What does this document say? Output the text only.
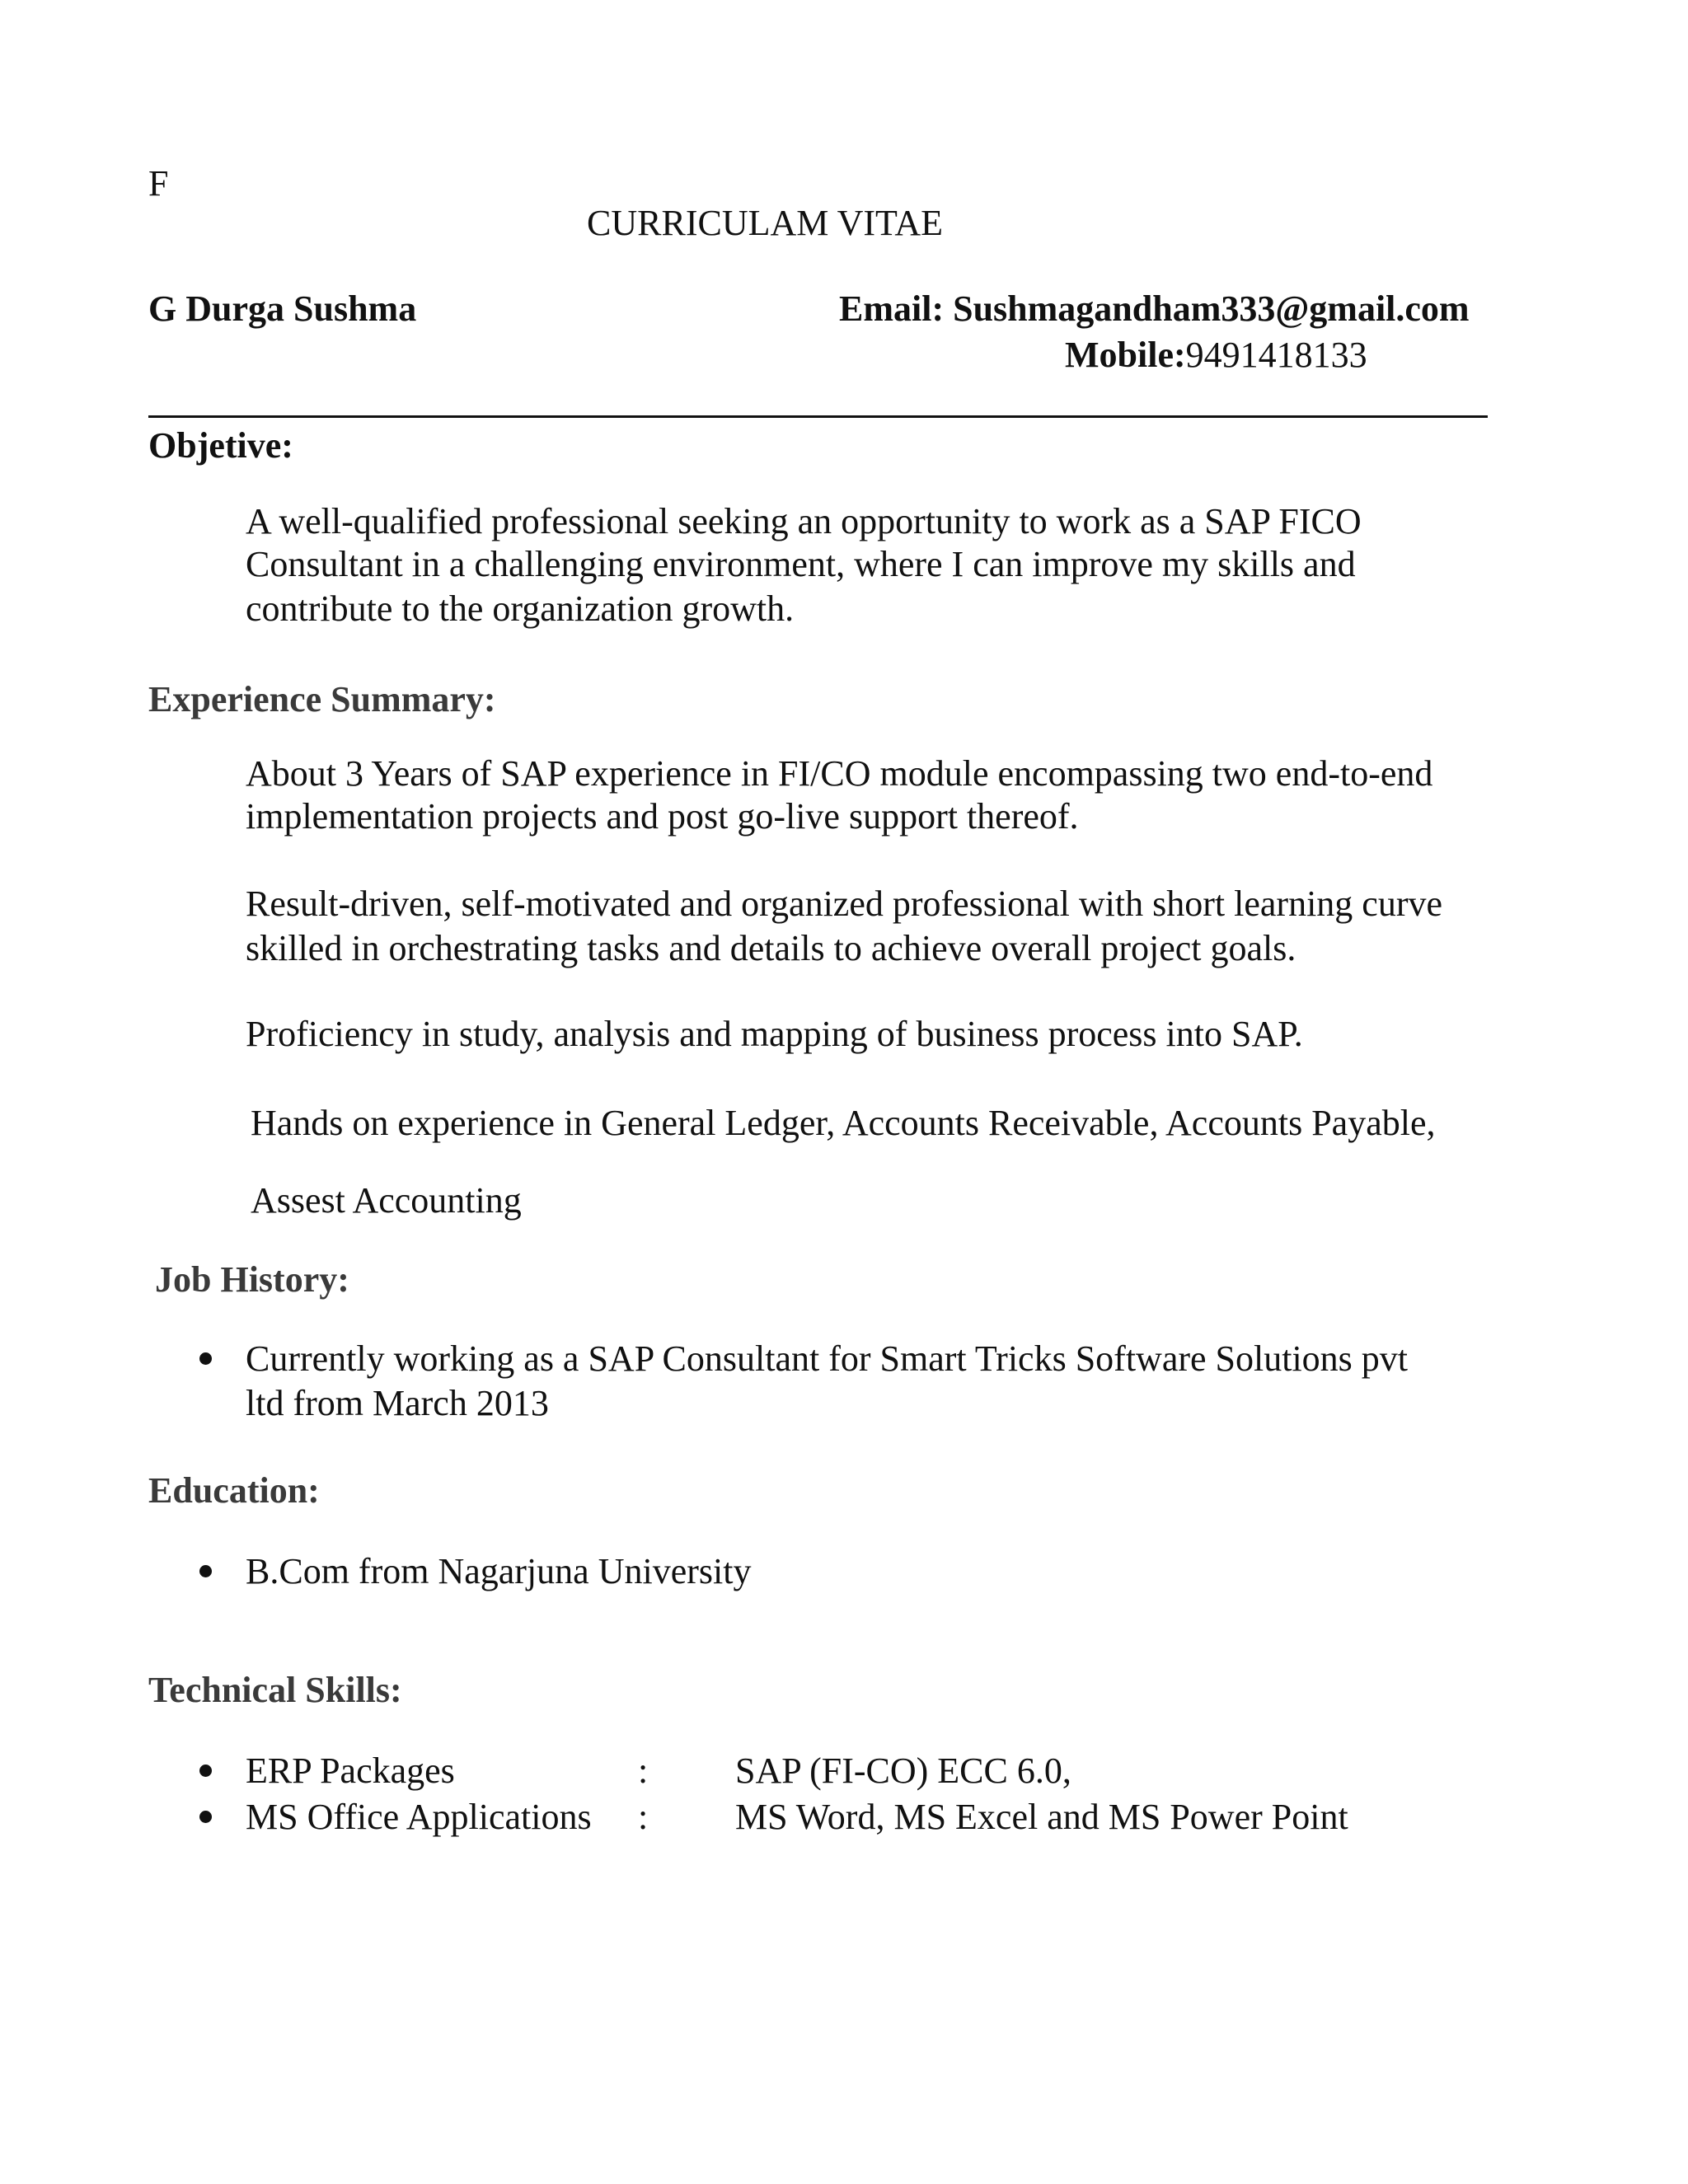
F
CURRICULAM VITAE
G Durga Sushma	Email: Sushmagandham333@gmail.com
Mobile:9491418133
Objetive:
A well-qualified professional seeking an opportunity to work as a SAP FICO
Consultant in a challenging environment, where I can improve my skills and
contribute to the organization growth.
Experience Summary:
About 3 Years of SAP experience in FI/CO module encompassing two end-to-end
implementation projects and post go-live support thereof.
Result-driven, self-motivated and organized professional with short learning curve
skilled in orchestrating tasks and details to achieve overall project goals.
Proficiency in study, analysis and mapping of business process into SAP.
Hands on experience in General Ledger, Accounts Receivable, Accounts Payable,
Assest Accounting
Job History:
Currently working as a SAP Consultant for Smart Tricks Software Solutions pvt
ltd from March 2013
Education:
B.Com from Nagarjuna University
Technical Skills:
ERP Packages	: SAP (FI-CO) ECC 6.0,
MS Office Applications : MS Word, MS Excel and MS Power Point
